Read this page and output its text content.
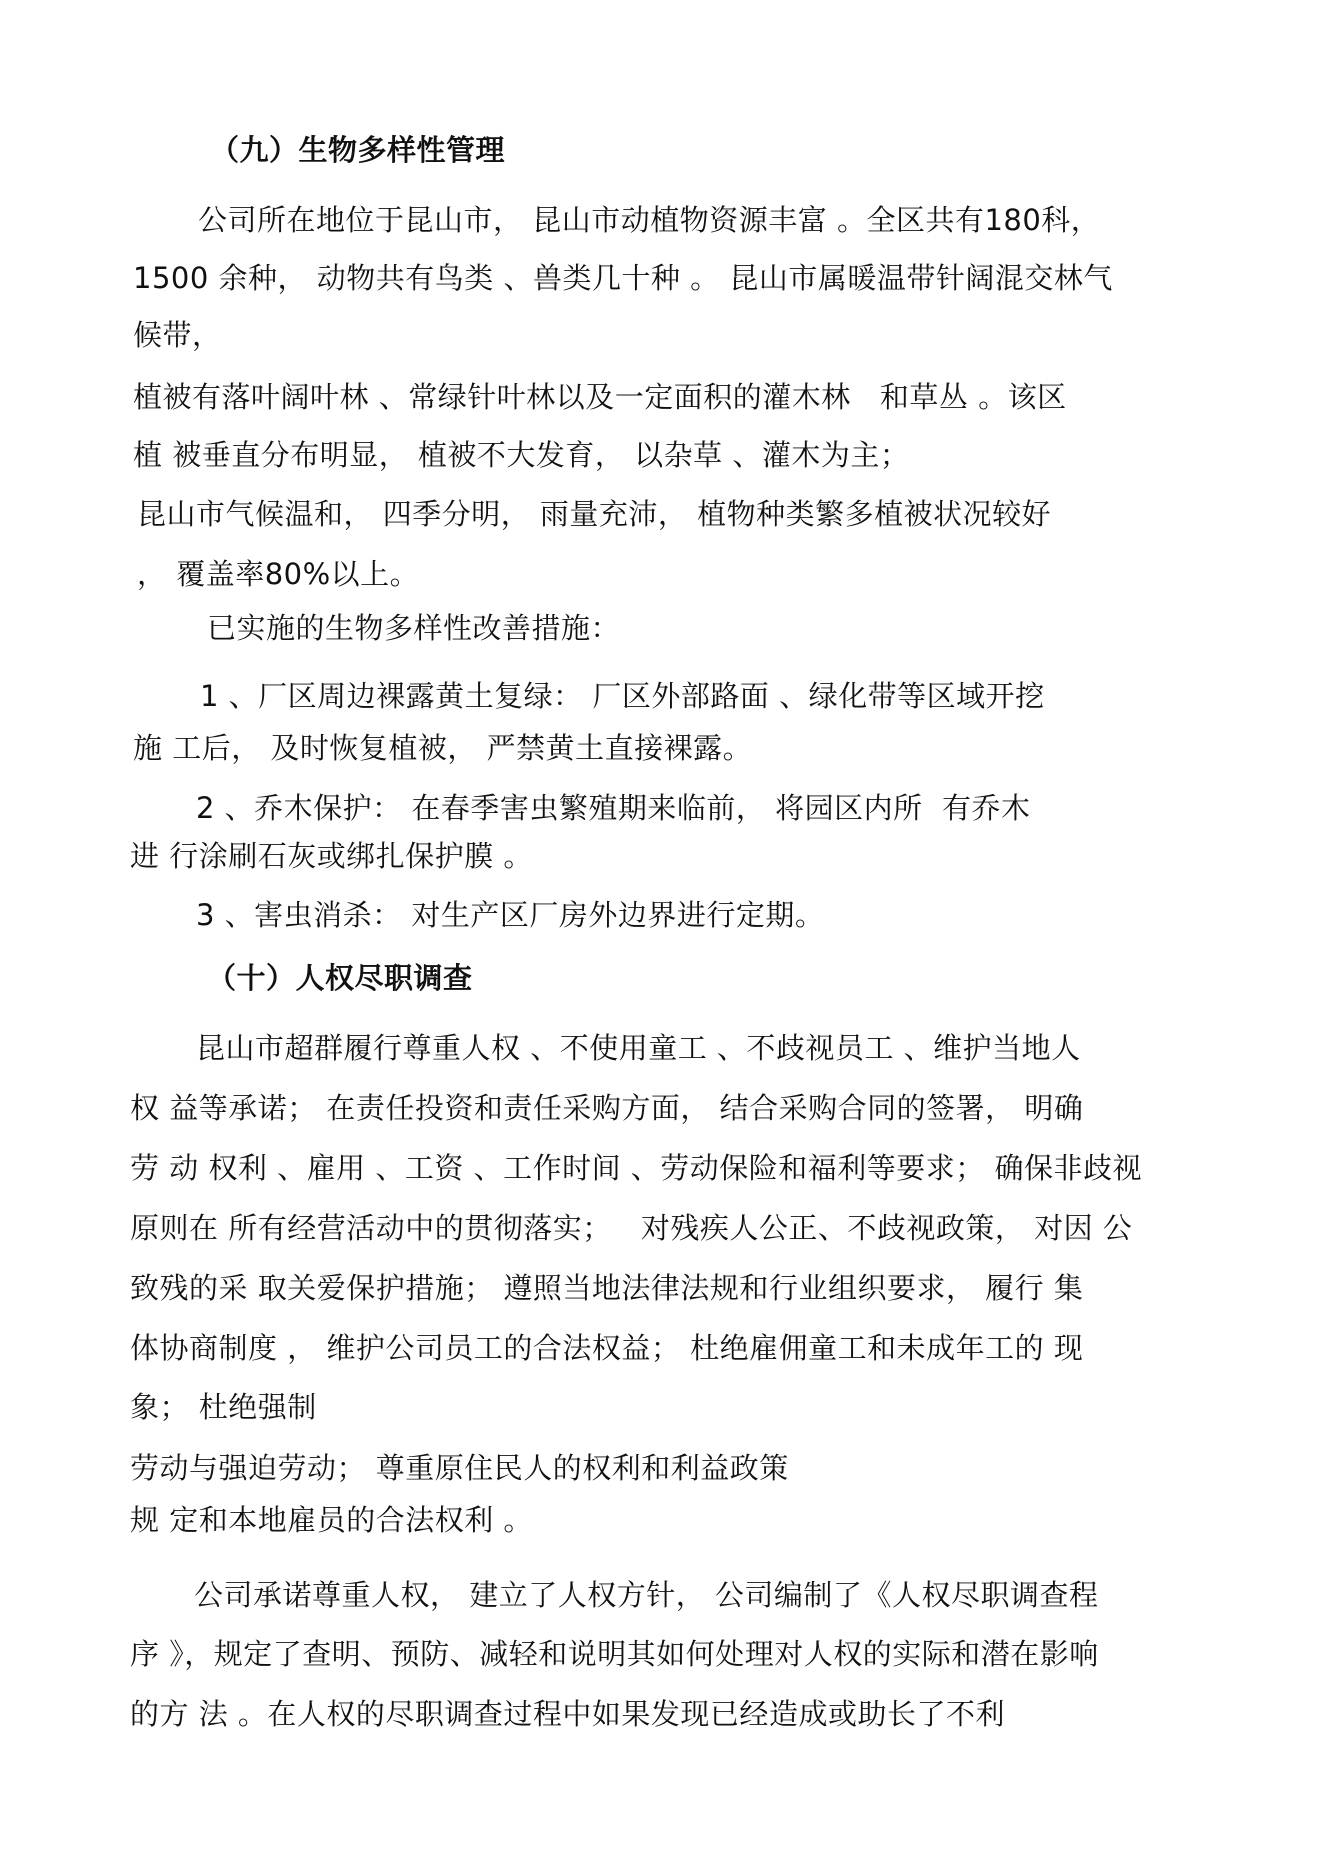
（九）生物多样性管理
公司所在地位于昆山市， 昆山市动植物资源丰富 。全区共有180科，
1500 余种， 动物共有鸟类 、兽类几十种 。 昆山市属暖温带针阔混交林气
候带，
植被有落叶阔叶林 、常绿针叶林以及一定面积的灌木林   和草丛 。该区
植 被垂直分布明显， 植被不大发育， 以杂草 、灌木为主；
昆山市气候温和， 四季分明， 雨量充沛， 植物种类繁多植被状况较好
， 覆盖率80%以上。
已实施的生物多样性改善措施：
1 、厂区周边裸露黄土复绿： 厂区外部路面 、绿化带等区域开挖
施 工后， 及时恢复植被， 严禁黄土直接裸露。
2 、乔木保护： 在春季害虫繁殖期来临前， 将园区内所  有乔木
进 行涂刷石灰或绑扎保护膜 。
3 、害虫消杀： 对生产区厂房外边界进行定期。
（十）人权尽职调查
昆山市超群履行尊重人权 、不使用童工 、不歧视员工 、维护当地人
权 益等承诺； 在责任投资和责任采购方面， 结合采购合同的签署， 明确
劳 动 权利 、雇用 、工资 、工作时间 、劳动保险和福利等要求； 确保非歧视
原则在 所有经营活动中的贯彻落实；   对残疾人公正、不歧视政策， 对因 公
致残的采 取关爱保护措施； 遵照当地法律法规和行业组织要求， 履行 集
体协商制度 ， 维护公司员工的合法权益； 杜绝雇佣童工和未成年工的 现
象； 杜绝强制
劳动与强迫劳动； 尊重原住民人的权利和利益政策
规 定和本地雇员的合法权利 。
公司承诺尊重人权， 建立了人权方针， 公司编制了《人权尽职调查程
序 》，规定了查明、预防、减轻和说明其如何处理对人权的实际和潜在影响
的方 法 。在人权的尽职调查过程中如果发现已经造成或助长了不利
